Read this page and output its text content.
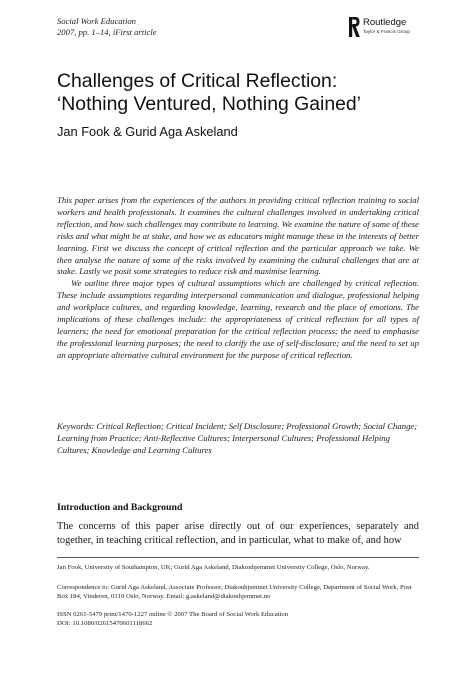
Social Work Education
2007, pp. 1–14, iFirst article
Routledge
Taylor & Francis Group
Challenges of Critical Reflection:
‘Nothing Ventured, Nothing Gained’
Jan Fook & Gurid Aga Askeland

This paper arises from the experiences of the authors in providing critical reflection training to social workers and health professionals. It examines the cultural challenges involved in undertaking critical reflection, and how such challenges may contribute to learning. We examine the nature of some of these risks and what might be at stake, and how we as educators might manage these in the interests of better learning. First we discuss the concept of critical reflection and the particular approach we take. We then analyse the nature of some of the risks involved by examining the cultural challenges that are at stake. Lastly we posit some strategies to reduce risk and maximise learning.

We outline three major types of cultural assumptions which are challenged by critical reflection. These include assumptions regarding interpersonal communication and dialogue, professional helping and workplace cultures, and regarding knowledge, learning, research and the place of emotions. The implications of these challenges include: the appropriateness of critical reflection for all types of learners; the need for emotional preparation for the critical reflection process; the need to emphasise the professional learning purposes; the need to clarify the use of self-disclosure; and the need to set up an appropriate alternative cultural environment for the purpose of critical reflection.

Keywords: Critical Reflection; Critical Incident; Self Disclosure; Professional Growth; Social Change; Learning from Practice; Anti-Reflective Cultures; Interpersonal Cultures; Professional Helping Cultures; Knowledge and Learning Cultures

Introduction and Background

The concerns of this paper arise directly out of our experiences, separately and together, in teaching critical reflection, and in particular, what to make of, and how

Jan Fook, University of Southampton, UK; Gurid Aga Askeland, Diakonhjemmet University College, Oslo, Norway.

Correspondence to: Gurid Aga Askeland, Associate Professor, Diakonhjemmet University College, Department of Social Work, Post Box 184, Vinderen, 0319 Oslo, Norway. Email: g.askeland@diakonhjemmet.no

ISSN 0261-5479 print/1470-1227 online © 2007 The Board of Social Work Education

DOI: 10.1080/02615470601118662
